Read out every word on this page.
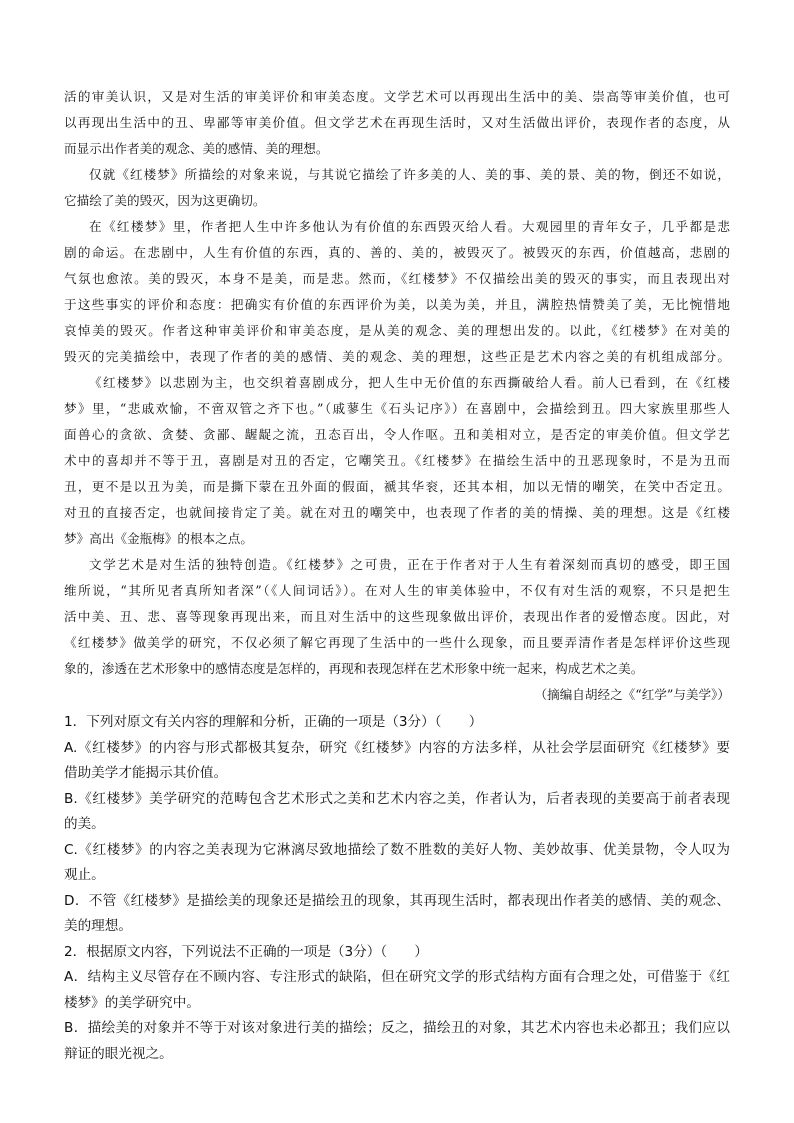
活的审美认识，又是对生活的审美评价和审美态度。文学艺术可以再现出生活中的美、崇高等审美价值，也可
以再现出生活中的丑、卑鄙等审美价值。但文学艺术在再现生活时，又对生活做出评价，表现作者的态度，从
而显示出作者美的观念、美的感情、美的理想。
仅就《红楼梦》所描绘的对象来说，与其说它描绘了许多美的人、美的事、美的景、美的物，倒还不如说，
它描绘了美的毁灭，因为这更确切。
在《红楼梦》里，作者把人生中许多他认为有价值的东西毁灭给人看。大观园里的青年女子，几乎都是悲
剧的命运。在悲剧中，人生有价值的东西，真的、善的、美的，被毁灭了。被毁灭的东西，价值越高，悲剧的
气氛也愈浓。美的毁灭，本身不是美，而是悲。然而，《红楼梦》不仅描绘出美的毁灭的事实，而且表现出对
于这些事实的评价和态度：把确实有价值的东西评价为美，以美为美，并且，满腔热情赞美了美，无比惋惜地
哀悼美的毁灭。作者这种审美评价和审美态度，是从美的观念、美的理想出发的。以此，《红楼梦》在对美的
毁灭的完美描绘中，表现了作者的美的感情、美的观念、美的理想，这些正是艺术内容之美的有机组成部分。
《红楼梦》以悲剧为主，也交织着喜剧成分，把人生中无价值的东西撕破给人看。前人已看到，在《红楼
梦》里，“悲戚欢愉，不啻双管之齐下也。”（戚蓼生《石头记序》）在喜剧中，会描绘到丑。四大家族里那些人
面兽心的贪欲、贪婪、贪鄙、龌龊之流，丑态百出，令人作呕。丑和美相对立，是否定的审美价值。但文学艺
术中的喜却并不等于丑，喜剧是对丑的否定，它嘲笑丑。《红楼梦》在描绘生活中的丑恶现象时，不是为丑而
丑，更不是以丑为美，而是撕下蒙在丑外面的假面，褫其华衮，还其本相，加以无情的嘲笑，在笑中否定丑。
对丑的直接否定，也就间接肯定了美。就在对丑的嘲笑中，也表现了作者的美的情操、美的理想。这是《红楼
梦》高出《金瓶梅》的根本之点。
文学艺术是对生活的独特创造。《红楼梦》之可贵，正在于作者对于人生有着深刻而真切的感受，即王国
维所说，“其所见者真所知者深”（《人间词话》）。在对人生的审美体验中，不仅有对生活的观察，不只是把生
活中美、丑、悲、喜等现象再现出来，而且对生活中的这些现象做出评价，表现出作者的爱憎态度。因此，对
《红楼梦》做美学的研究，不仅必须了解它再现了生活中的一些什么现象，而且要弄清作者是怎样评价这些现
象的，渗透在艺术形象中的感情态度是怎样的，再现和表现怎样在艺术形象中统一起来，构成艺术之美。
（摘编自胡经之《“红学”与美学》）
1．下列对原文有关内容的理解和分析，正确的一项是（3分）（　　）
A.《红楼梦》的内容与形式都极其复杂，研究《红楼梦》内容的方法多样，从社会学层面研究《红楼梦》要
借助美学才能揭示其价值。
B.《红楼梦》美学研究的范畴包含艺术形式之美和艺术内容之美，作者认为，后者表现的美要高于前者表现
的美。
C.《红楼梦》的内容之美表现为它淋漓尽致地描绘了数不胜数的美好人物、美妙故事、优美景物，令人叹为
观止。
D．不管《红楼梦》是描绘美的现象还是描绘丑的现象，其再现生活时，都表现出作者美的感情、美的观念、
美的理想。
2．根据原文内容，下列说法不正确的一项是（3分）（　　）
A．结构主义尽管存在不顾内容、专注形式的缺陷，但在研究文学的形式结构方面有合理之处，可借鉴于《红
楼梦》的美学研究中。
B．描绘美的对象并不等于对该对象进行美的描绘；反之，描绘丑的对象，其艺术内容也未必都丑；我们应以
辩证的眼光视之。
